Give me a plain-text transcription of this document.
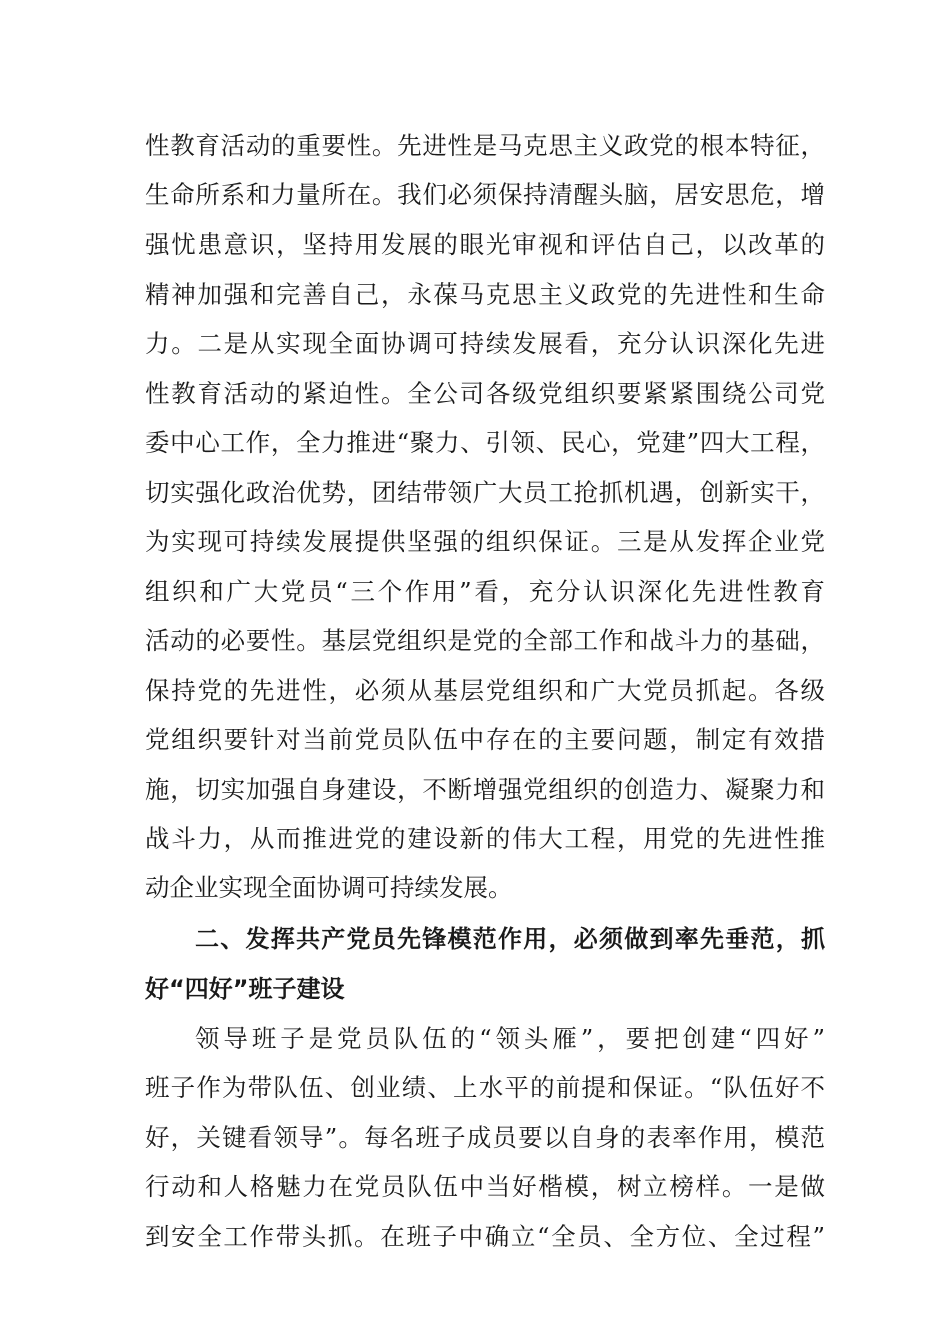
性教育活动的重要性。先进性是马克思主义政党的根本特征，
生命所系和力量所在。我们必须保持清醒头脑，居安思危，增
强忧患意识，坚持用发展的眼光审视和评估自己，以改革的
精神加强和完善自己，永葆马克思主义政党的先进性和生命
力。二是从实现全面协调可持续发展看，充分认识深化先进
性教育活动的紧迫性。全公司各级党组织要紧紧围绕公司党
委中心工作，全力推进“聚力、引领、民心，党建”四大工程，
切实强化政治优势，团结带领广大员工抢抓机遇，创新实干，
为实现可持续发展提供坚强的组织保证。三是从发挥企业党
组织和广大党员“三个作用”看，充分认识深化先进性教育
活动的必要性。基层党组织是党的全部工作和战斗力的基础，
保持党的先进性，必须从基层党组织和广大党员抓起。各级
党组织要针对当前党员队伍中存在的主要问题，制定有效措
施，切实加强自身建设，不断增强党组织的创造力、凝聚力和
战斗力，从而推进党的建设新的伟大工程，用党的先进性推
动企业实现全面协调可持续发展。
二、发挥共产党员先锋模范作用，必须做到率先垂范，抓
好“四好”班子建设
领导班子是党员队伍的“领头雁”，要把创建“四好”
班子作为带队伍、创业绩、上水平的前提和保证。“队伍好不
好，关键看领导”。每名班子成员要以自身的表率作用，模范
行动和人格魅力在党员队伍中当好楷模，树立榜样。一是做
到安全工作带头抓。在班子中确立“全员、全方位、全过程”
